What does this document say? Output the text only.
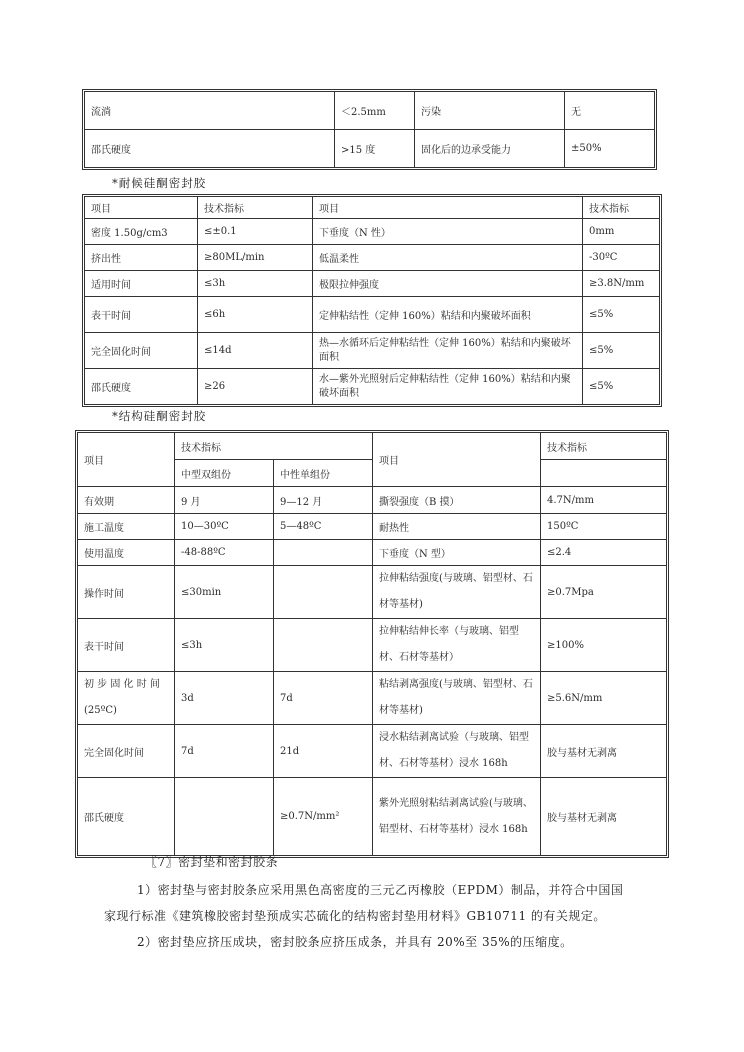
流淌	＜2.5mm	污染	无
邵氏硬度	>15 度	固化后的边承受能力	±50%
*耐候硅酮密封胶
项目	技术指标	项目	技术指标
密度 1.50g/cm3	≤±0.1	下垂度（N 性）	0mm
挤出性	≥80ML/min	低温柔性	-30ºC
适用时间	≤3h	极限拉伸强度	≥3.8N/mm
表干时间	≤6h	定伸粘结性（定伸 160%）粘结和内聚破坏面积	≤5%
完全固化时间	≤14d	热—水循环后定伸粘结性（定伸 160%）粘结和内聚破坏面积	≤5%
邵氏硬度	≥26	水—紫外光照射后定伸粘结性（定伸 160%）粘结和内聚破坏面积	≤5%
*结构硅酮密封胶
项目	技术指标		项目	技术指标
	中型双组份	中性单组份		
有效期	9 月	9—12 月	撕裂强度（B 摸）	4.7N/mm
施工温度	10—30ºC	5—48ºC	耐热性	150ºC
使用温度	-48-88ºC		下垂度（N 型）	≤2.4
操作时间	≤30min		拉伸粘结强度(与玻璃、铝型材、石材等基材)	≥0.7Mpa
表干时间	≤3h		拉伸粘结伸长率（与玻璃、铝型材、石材等基材）	≥100%
初 步 固 化 时 间 (25ºC)	3d	7d	粘结剥离强度(与玻璃、铝型材、石材等基材)	≥5.6N/mm
完全固化时间	7d	21d	浸水粘结剥离试验（与玻璃、铝型材、石材等基材）浸水 168h	胶与基材无剥离
邵氏硬度		≥0.7N/mm²	紫外光照射粘结剥离试验(与玻璃、铝型材、石材等基材）浸水 168h	胶与基材无剥离
〖7〗密封垫和密封胶条
1）密封垫与密封胶条应采用黑色高密度的三元乙丙橡胶（EPDM）制品，并符合中国国
家现行标准《建筑橡胶密封垫预成实芯硫化的结构密封垫用材料》GB10711 的有关规定。
2）密封垫应挤压成块，密封胶条应挤压成条，并具有 20%至 35%的压缩度。
